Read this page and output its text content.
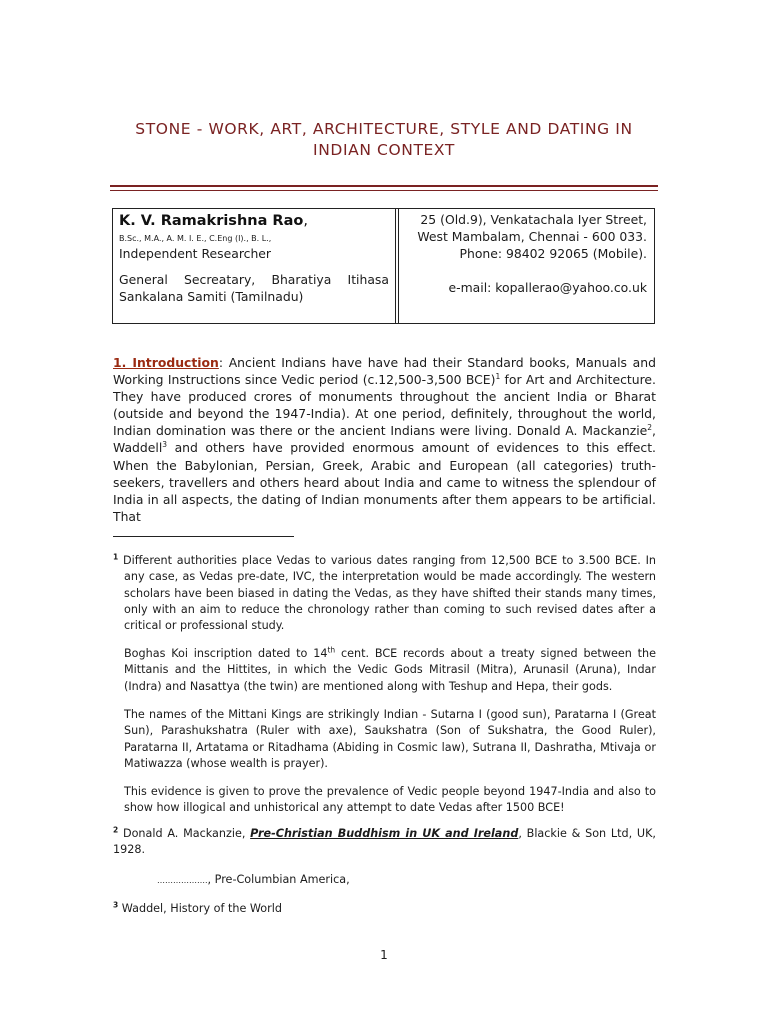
STONE - WORK, ART, ARCHITECTURE, STYLE AND DATING IN
INDIAN CONTEXT
K. V. Ramakrishna Rao,
B.Sc., M.A., A. M. I. E., C.Eng (I)., B. L.,
Independent Researcher
General Secreatary, Bharatiya Itihasa
Sankalana Samiti (Tamilnadu)
25 (Old.9), Venkatachala Iyer Street,
West Mambalam, Chennai - 600 033.
Phone: 98402 92065 (Mobile).
e-mail: kopallerao@yahoo.co.uk

1. Introduction: Ancient Indians have have had their Standard books, Manuals and Working Instructions since Vedic period (c.12,500-3,500 BCE)$^1$ for Art and Architecture. They have produced crores of monuments throughout the ancient India or Bharat (outside and beyond the 1947-India). At one period, definitely, throughout the world, Indian domination was there or the ancient Indians were living. Donald A. Mackanzie$^2$, Waddell$^3$ and others have provided enormous amount of evidences to this effect. When the Babylonian, Persian, Greek, Arabic and European (all categories) truth-seekers, travellers and others heard about India and came to witness the splendour of India in all aspects, the dating of Indian monuments after them appears to be artificial. That

$^1$ Different authorities place Vedas to various dates ranging from 12,500 BCE to 3.500 BCE. In any case, as Vedas pre-date, IVC, the interpretation would be made accordingly. The western scholars have been biased in dating the Vedas, as they have shifted their stands many times, only with an aim to reduce the chronology rather than coming to such revised dates after a critical or professional study.

Boghas Koi inscription dated to 14th cent. BCE records about a treaty signed between the Mittanis and the Hittites, in which the Vedic Gods Mitrasil (Mitra), Arunasil (Aruna), Indar (Indra) and Nasattya (the twin) are mentioned along with Teshup and Hepa, their gods.

The names of the Mittani Kings are strikingly Indian - Sutarna I (good sun), Paratarna I (Great Sun), Parashukshatra (Ruler with axe), Saukshatra (Son of Sukshatra, the Good Ruler), Paratarna II, Artatama or Ritadhama (Abiding in Cosmic law), Sutrana II, Dashratha, Mtivaja or Matiwazza (whose wealth is prayer).

This evidence is given to prove the prevalence of Vedic people beyond 1947-India and also to show how illogical and unhistorical any attempt to date Vedas after 1500 BCE!

$^2$ Donald A. Mackanzie, Pre-Christian Buddhism in UK and Ireland, Blackie & Son Ltd, UK, 1928.

………………., Pre-Columbian America,

$^3$ Waddel, History of the World

1
